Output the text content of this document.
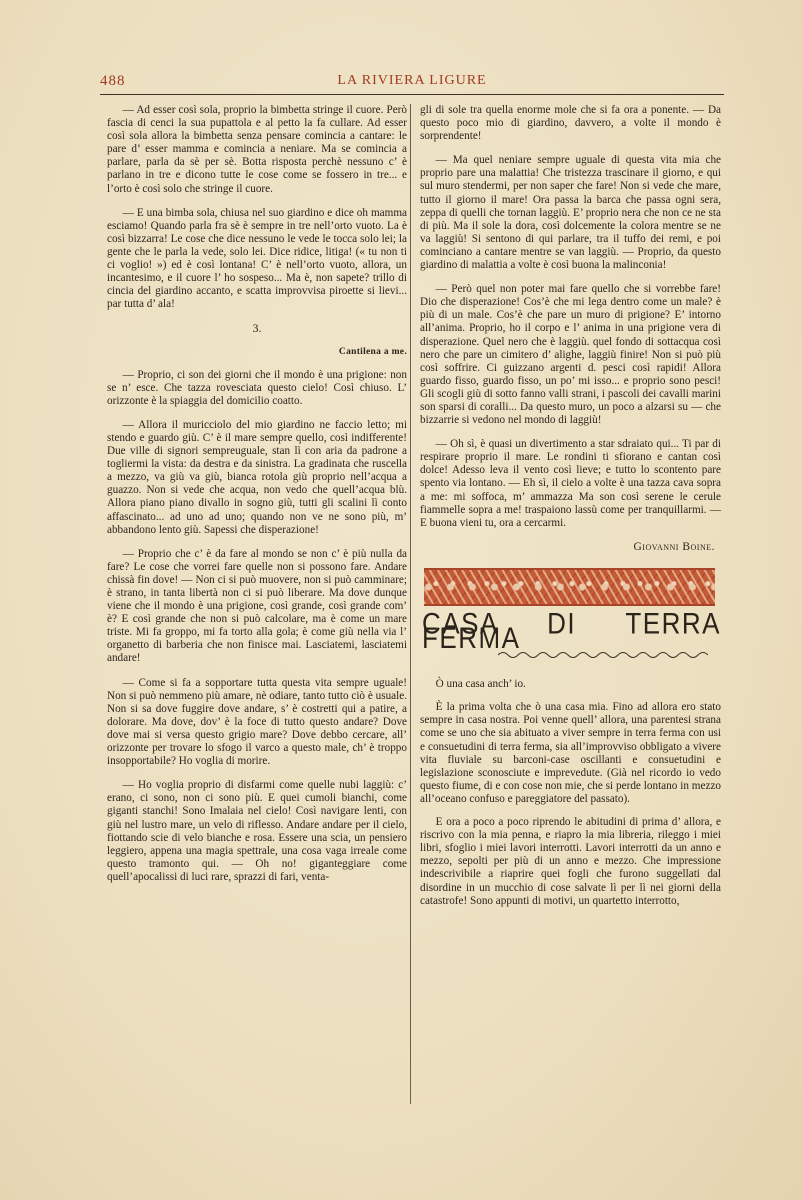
488	LA RIVIERA LIGURE

— Ad esser così sola, proprio la bimbetta stringe il cuore. Però fascia di cenci la sua pupattola e al petto la fa cullare. Ad esser così sola allora la bimbetta senza pensare comincia a cantare: le pare d’ esser mamma e comincia a neniare. Ma se comincia a parlare, parla da sè per sè. Botta risposta perchè nessuno c’ è parlano in tre e dicono tutte le cose come se fossero in tre... e l’orto è così solo che stringe il cuore.

— E una bimba sola, chiusa nel suo giardino e dice oh mamma esciamo! Quando parla fra sè è sempre in tre nell’orto vuoto. La è così bizzarra! Le cose che dice nessuno le vede le tocca solo lei; la gente che le parla la vede, solo lei. Dice ridice, litiga! (« tu non ti ci voglio! ») ed è così lontana! C’ è nell’orto vuoto, allora, un incantesimo, e il cuore l’ ho sospeso... Ma è, non sapete? trillo di cincia del giardino accanto, e scatta improvvisa piroette si lievi... par tutta d’ ala!

3.
Cantilena a me.

— Proprio, ci son dei giorni che il mondo è una prigione: non se n’ esce. Che tazza rovesciata questo cielo! Così chiuso. L’ orizzonte è la spiaggia del domicilio coatto.

— Allora il muricciolo del mio giardino ne faccio letto; mi stendo e guardo giù. C’ è il mare sempre quello, così indifferente! Due ville di signori sempreuguale, stan lì con aria da padrone a togliermi la vista: da destra e da sinistra. La gradinata che ruscella a mezzo, va giù va giù, bianca rotola giù proprio nell’acqua a guazzo. Non si vede che acqua, non vedo che quell’acqua blù. Allora piano piano divallo in sogno giù, tutti gli scalini lì conto affascinato... ad uno ad uno; quando non ve ne sono più, m’ abbandono lento giù. Sapessi che disperazione!

— Proprio che c’ è da fare al mondo se non c’ è più nulla da fare? Le cose che vorrei fare quelle non si possono fare. Andare chissà fin dove! — Non ci si può muovere, non si può camminare; è strano, in tanta libertà non ci si può liberare. Ma dove dunque viene che il mondo è una prigione, così grande, così grande com’ è? E così grande che non si può calcolare, ma è come un mare triste. Mi fa groppo, mi fa torto alla gola; è come giù nella via l’ organetto di barberia che non finisce mai. Lasciatemi, lasciatemi andare!

— Come si fa a sopportare tutta questa vita sempre uguale! Non si può nemmeno più amare, nè odiare, tanto tutto ciò è usuale. Non si sa dove fuggire dove andare, s’ è costretti qui a patire, a dolorare. Ma dove, dov’ è la foce di tutto questo andare? Dove dove mai si versa questo grigio mare? Dove debbo cercare, all’ orizzonte per trovare lo sfogo il varco a questo male, ch’ è troppo insopportabile? Ho voglia di morire.

— Ho voglia proprio di disfarmi come quelle nubi laggiù: c’ erano, ci sono, non ci sono più. E quei cumoli bianchi, come giganti stanchi! Sono Imalaia nel cielo! Così navigare lenti, con giù nel lustro mare, un velo di riflesso. Andare andare per il cielo, fiottando scie di velo bianche e rosa. Essere una scia, un pensiero leggiero, appena una magia spettrale, una cosa vaga irreale come questo tramonto qui. — Oh no! giganteggiare come quell’apocalissi di luci rare, sprazzi di fari, venta-

gli di sole tra quella enorme mole che si fa ora a ponente. — Da questo poco mio di giardino, davvero, a volte il mondo è sorprendente!

— Ma quel neniare sempre uguale di questa vita mia che proprio pare una malattia! Che tristezza trascinare il giorno, e qui sul muro stendermi, per non saper che fare! Non si vede che mare, tutto il giorno il mare! Ora passa la barca che passa ogni sera, zeppa di quelli che tornan laggiù. E’ proprio nera che non ce ne sta di più. Ma il sole la dora, così dolcemente la colora mentre se ne va laggiù! Si sentono di qui parlare, tra il tuffo dei remi, e poi cominciano a cantare mentre se van laggiù. — Proprio, da questo giardino di malattia a volte è così buona la malinconia!

— Però quel non poter mai fare quello che si vorrebbe fare! Dio che disperazione! Cos’è che mi lega dentro come un male? è più di un male. Cos’è che pare un muro di prigione? E’ intorno all’anima. Proprio, ho il corpo e l’ anima in una prigione vera di disperazione. Quel nero che è laggiù. quel fondo di sottacqua così nero che pare un cimitero d’ alighe, laggiù finire! Non si può più così soffrire. Ci guizzano argenti d. pesci così rapidi! Allora guardo fisso, guardo fisso, un po’ mi isso... e proprio sono pesci! Gli scogli giù di sotto fanno valli strani, i pascoli dei cavalli marini son sparsi di coralli... Da questo muro, un poco a alzarsi su — che bizzarrie si vedono nel mondo di laggiù!

— Oh sì, è quasi un divertimento a star sdraiato qui... Ti par di respirare proprio il mare. Le rondini ti sfiorano e cantan così dolce! Adesso leva il vento così lieve; e tutto lo scontento pare spento via lontano. — Eh sì, il cielo a volte è una tazza cava sopra a me: mi soffoca, m’ ammazza Ma son così serene le cerule fiammelle sopra a me! traspaiono lassù come per tranquillarmi. — E buona vieni tu, ora a cercarmi.

Giovanni Boine.
CASA DI TERRA FERMA

Ò una casa anch’ io.

È la prima volta che ò una casa mia. Fino ad allora ero stato sempre in casa nostra. Poi venne quell’ allora, una parentesi strana come se uno che sia abituato a viver sempre in terra ferma con usi e consuetudini di terra ferma, sia all’improvviso obbligato a vivere vita fluviale su barconi-case oscillanti e consuetudini e legislazione sconosciute e imprevedute. (Già nel ricordo io vedo questo fiume, di e con cose non mie, che si perde lontano in mezzo all’oceano confuso e pareggiatore del passato).

E ora a poco a poco riprendo le abitudini di prima d’ allora, e riscrivo con la mia penna, e riapro la mia libreria, rileggo i miei libri, sfoglio i miei lavori interrotti. Lavori interrotti da un anno e mezzo, sepolti per più di un anno e mezzo. Che impressione indescrivibile a riaprire quei fogli che furono suggellati dal disordine in un mucchio di cose salvate lì per lì nei giorni della catastrofe! Sono appunti di motivi, un quartetto interrotto,
